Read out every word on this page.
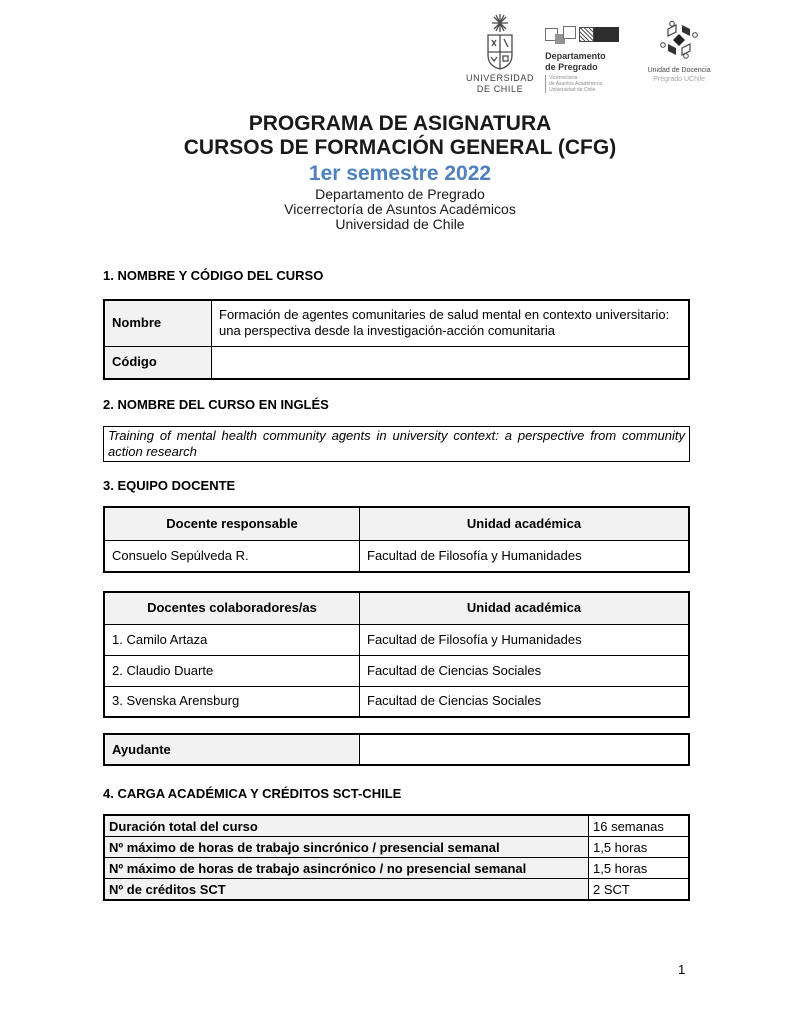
UNIVERSIDAD
DE CHILE
Departamento
de Pregrado
Vicerrectoría
de Asuntos Académicos
Universidad de Chile
Unidad de Docencia
Pregrado UChile
PROGRAMA DE ASIGNATURA
CURSOS DE FORMACIÓN GENERAL (CFG)
1er semestre 2022
Departamento de Pregrado
Vicerrectoría de Asuntos Académicos
Universidad de Chile
1. NOMBRE Y CÓDIGO DEL CURSO
Nombre	Formación de agentes comunitaries de salud mental en contexto universitario: una perspectiva desde la investigación-acción comunitaria
Código	
2. NOMBRE DEL CURSO EN INGLÉS
Training of mental health community agents in university context: a perspective from community action research
3. EQUIPO DOCENTE
Docente responsable	Unidad académica
Consuelo Sepúlveda R.	Facultad de Filosofía y Humanidades
Docentes colaboradores/as	Unidad académica
1. Camilo Artaza	Facultad de Filosofía y Humanidades
2. Claudio Duarte	Facultad de Ciencias Sociales
3. Svenska Arensburg	Facultad de Ciencias Sociales
Ayudante	
4. CARGA ACADÉMICA Y CRÉDITOS SCT-CHILE
Duración total del curso	16 semanas
Nº máximo de horas de trabajo sincrónico / presencial semanal	1,5 horas
Nº máximo de horas de trabajo asincrónico / no presencial semanal	1,5 horas
Nº de créditos SCT	2 SCT
1
